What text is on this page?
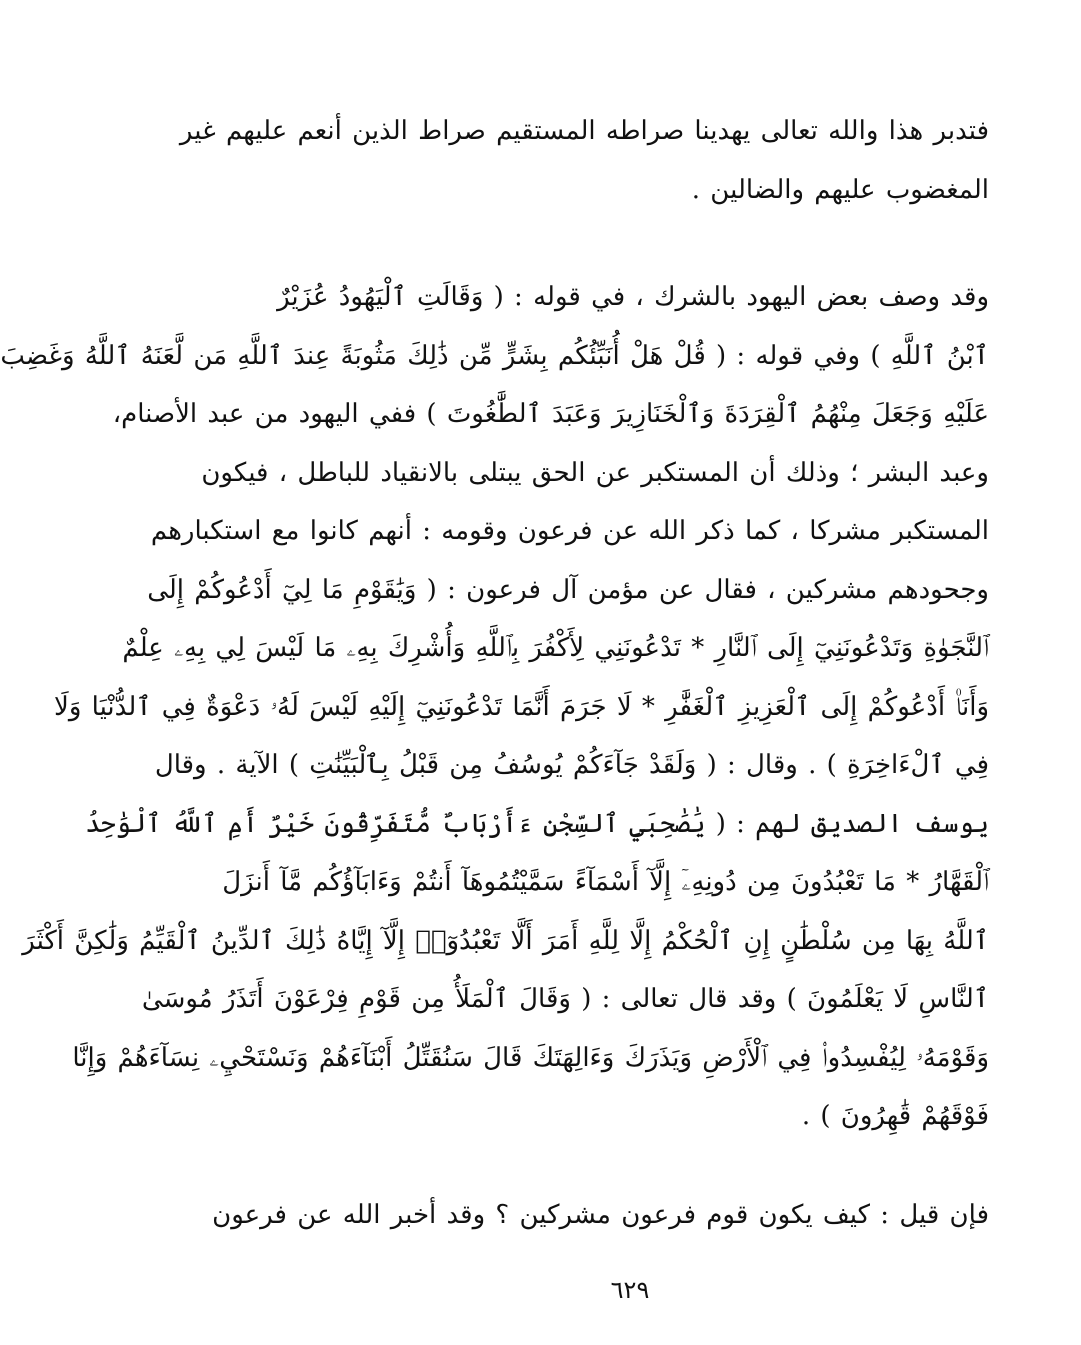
فتدبر هذا والله تعالى يهدينا صراطه المستقيم صراط الذين أنعم عليهم غير
المغضوب عليهم والضالين .
وقد وصف بعض اليهود بالشرك ، في قوله : ( وَقَالَتِ ٱلْيَهُودُ عُزَيْرٌ
ٱبْنُ ٱللَّهِ ) وفي قوله : ( قُلْ هَلْ أُنَبِّئُكُم بِشَرٍّ مِّن ذَٰلِكَ مَثُوبَةً عِندَ ٱللَّهِ مَن لَّعَنَهُ ٱللَّهُ وَغَضِبَ
عَلَيْهِ وَجَعَلَ مِنْهُمُ ٱلْقِرَدَةَ وَٱلْخَنَازِيرَ وَعَبَدَ ٱلطَّٰغُوتَ ) ففي اليهود من عبد الأصنام،
وعبد البشر ؛ وذلك أن المستكبر عن الحق يبتلى بالانقياد للباطل ، فيكون
المستكبر مشركا ، كما ذكر الله عن فرعون وقومه : أنهم كانوا مع استكبارهم
وجحودهم مشركين ، فقال عن مؤمن آل فرعون : ( وَيَٰقَوْمِ مَا لِيٓ أَدْعُوكُمْ إِلَى
ٱلنَّجَوٰةِ وَتَدْعُونَنِيٓ إِلَى ٱلنَّارِ * تَدْعُونَنِي لِأَكْفُرَ بِٱللَّهِ وَأُشْرِكَ بِهِۦ مَا لَيْسَ لِي بِهِۦ عِلْمٌ
وَأَنَا۠ أَدْعُوكُمْ إِلَى ٱلْعَزِيزِ ٱلْغَفَّٰرِ * لَا جَرَمَ أَنَّمَا تَدْعُونَنِيٓ إِلَيْهِ لَيْسَ لَهُۥ دَعْوَةٌ فِي ٱلدُّنْيَا وَلَا
فِي ٱلْءَاخِرَةِ ) . وقال : ( وَلَقَدْ جَآءَكُمْ يُوسُفُ مِن قَبْلُ بِٱلْبَيِّنَٰتِ ) الآية . وقال
يوسف الصديق لهم : ( يَٰصَٰحِبَيِ ٱلسِّجْنِ ءَأَرْبَابٌ مُّتَفَرِّقُونَ خَيْرٌ أَمِ ٱللَّهُ ٱلْوَٰحِدُ
ٱلْقَهَّارُ * مَا تَعْبُدُونَ مِن دُونِهِۦٓ إِلَّآ أَسْمَآءً سَمَّيْتُمُوهَآ أَنتُمْ وَءَابَآؤُكُم مَّآ أَنزَلَ
ٱللَّهُ بِهَا مِن سُلْطَٰنٍ إِنِ ٱلْحُكْمُ إِلَّا لِلَّهِ أَمَرَ أَلَّا تَعْبُدُوٓا۟ إِلَّآ إِيَّاهُ ذَٰلِكَ ٱلدِّينُ ٱلْقَيِّمُ وَلَٰكِنَّ أَكْثَرَ
ٱلنَّاسِ لَا يَعْلَمُونَ ) وقد قال تعالى : ( وَقَالَ ٱلْمَلَأُ مِن قَوْمِ فِرْعَوْنَ أَتَذَرُ مُوسَىٰ
وَقَوْمَهُۥ لِيُفْسِدُوا۟ فِي ٱلْأَرْضِ وَيَذَرَكَ وَءَالِهَتَكَ قَالَ سَنُقَتِّلُ أَبْنَآءَهُمْ وَنَسْتَحْيِۦ نِسَآءَهُمْ وَإِنَّا
فَوْقَهُمْ قَٰهِرُونَ ) .
فإن قيل : كيف يكون قوم فرعون مشركين ؟ وقد أخبر الله عن فرعون
٦٢٩
